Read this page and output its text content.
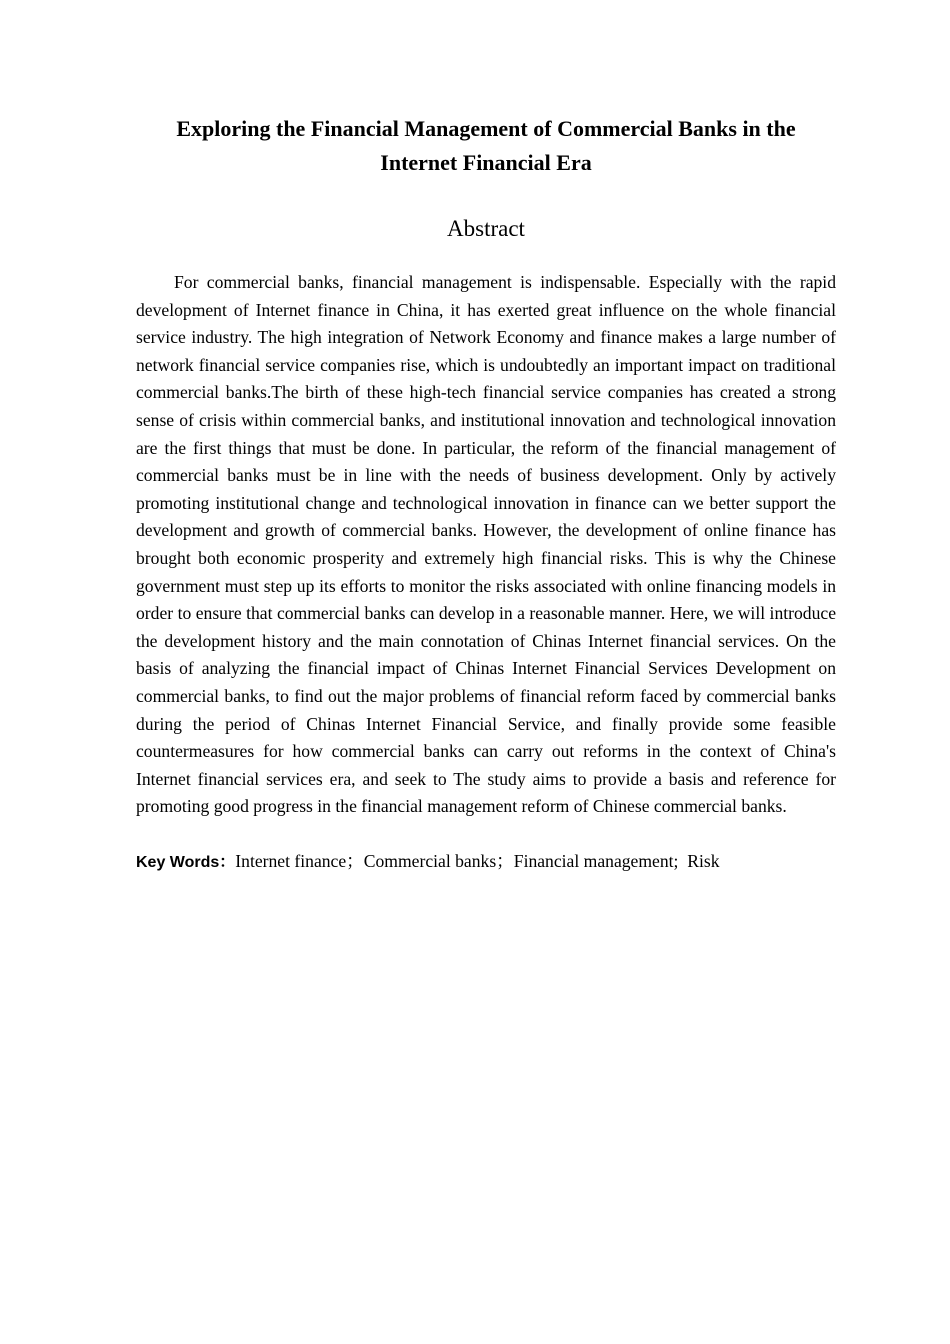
Exploring the Financial Management of Commercial Banks in the
Internet Financial Era
Abstract

For commercial banks, financial management is indispensable. Especially with the rapid development of Internet finance in China, it has exerted great influence on the whole financial service industry. The high integration of Network Economy and finance makes a large number of network financial service companies rise, which is undoubtedly an important impact on traditional commercial banks.The birth of these high-tech financial service companies has created a strong sense of crisis within commercial banks, and institutional innovation and technological innovation are the first things that must be done. In particular, the reform of the financial management of commercial banks must be in line with the needs of business development. Only by actively promoting institutional change and technological innovation in finance can we better support the development and growth of commercial banks. However, the development of online finance has brought both economic prosperity and extremely high financial risks. This is why the Chinese government must step up its efforts to monitor the risks associated with online financing models in order to ensure that commercial banks can develop in a reasonable manner. Here, we will introduce the development history and the main connotation of Chinas Internet financial services. On the basis of analyzing the financial impact of Chinas Internet Financial Services Development on commercial banks, to find out the major problems of financial reform faced by commercial banks during the period of Chinas Internet Financial Service, and finally provide some feasible countermeasures for how commercial banks can carry out reforms in the context of China's Internet financial services era, and seek to The study aims to provide a basis and reference for promoting good progress in the financial management reform of Chinese commercial banks.

Key Words：Internet finance；Commercial banks；Financial management;  Risk
